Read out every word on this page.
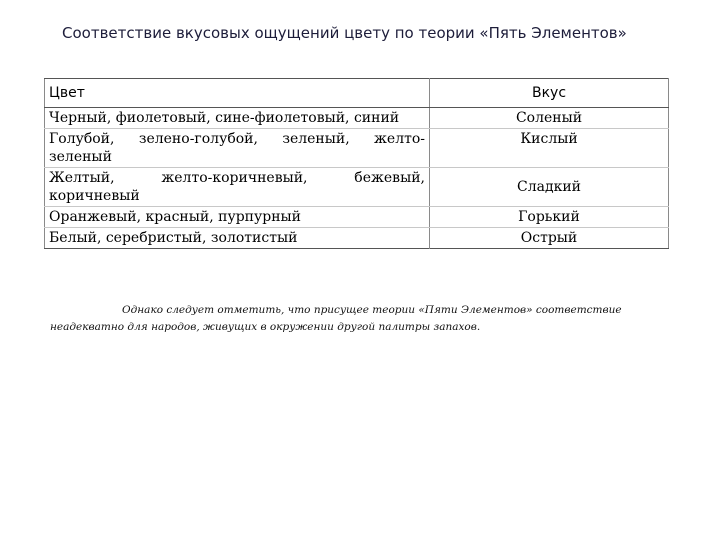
Соответствие вкусовых ощущений цвету по теории «Пять Элементов»
Цвет	Вкус
Черный, фиолетовый, сине-фиолетовый, синий	Соленый
Голубой, зелено-голубой, зеленый, желто-зеленый	Кислый
Желтый, желто-коричневый, бежевый, коричневый	Сладкий
Оранжевый, красный, пурпурный	Горький
Белый, серебристый, золотистый	Острый
Однако следует отметить, что присущее теории «Пяти Элементов» соответствие неадекватно для народов, живущих в окружении другой палитры запахов.
